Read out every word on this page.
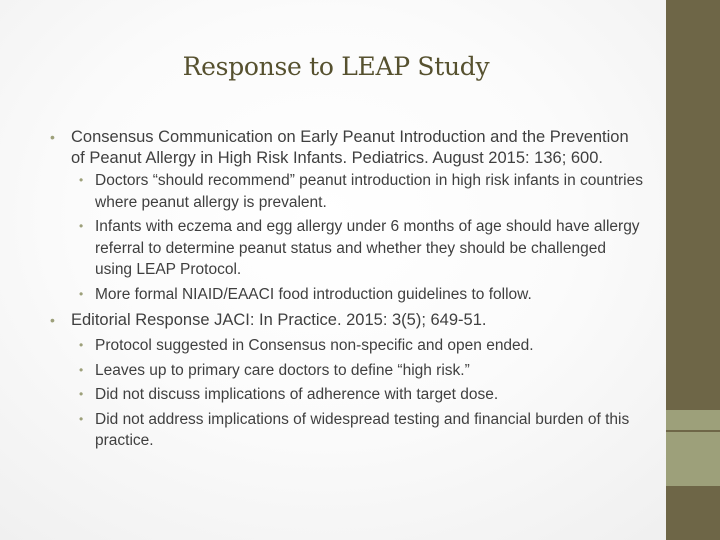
Response to LEAP Study
• Consensus Communication on Early Peanut Introduction and the Prevention of Peanut Allergy in High Risk Infants. Pediatrics. August 2015: 136; 600.
• Doctors “should recommend” peanut introduction in high risk infants in countries where peanut allergy is prevalent.
• Infants with eczema and egg allergy under 6 months of age should have allergy referral to determine peanut status and whether they should be challenged using LEAP Protocol.
• More formal NIAID/EAACI food introduction guidelines to follow.
• Editorial Response JACI: In Practice. 2015: 3(5); 649-51.
• Protocol suggested in Consensus non-specific and open ended.
• Leaves up to primary care doctors to define “high risk.”
• Did not discuss implications of adherence with target dose.
• Did not address implications of widespread testing and financial burden of this practice.
